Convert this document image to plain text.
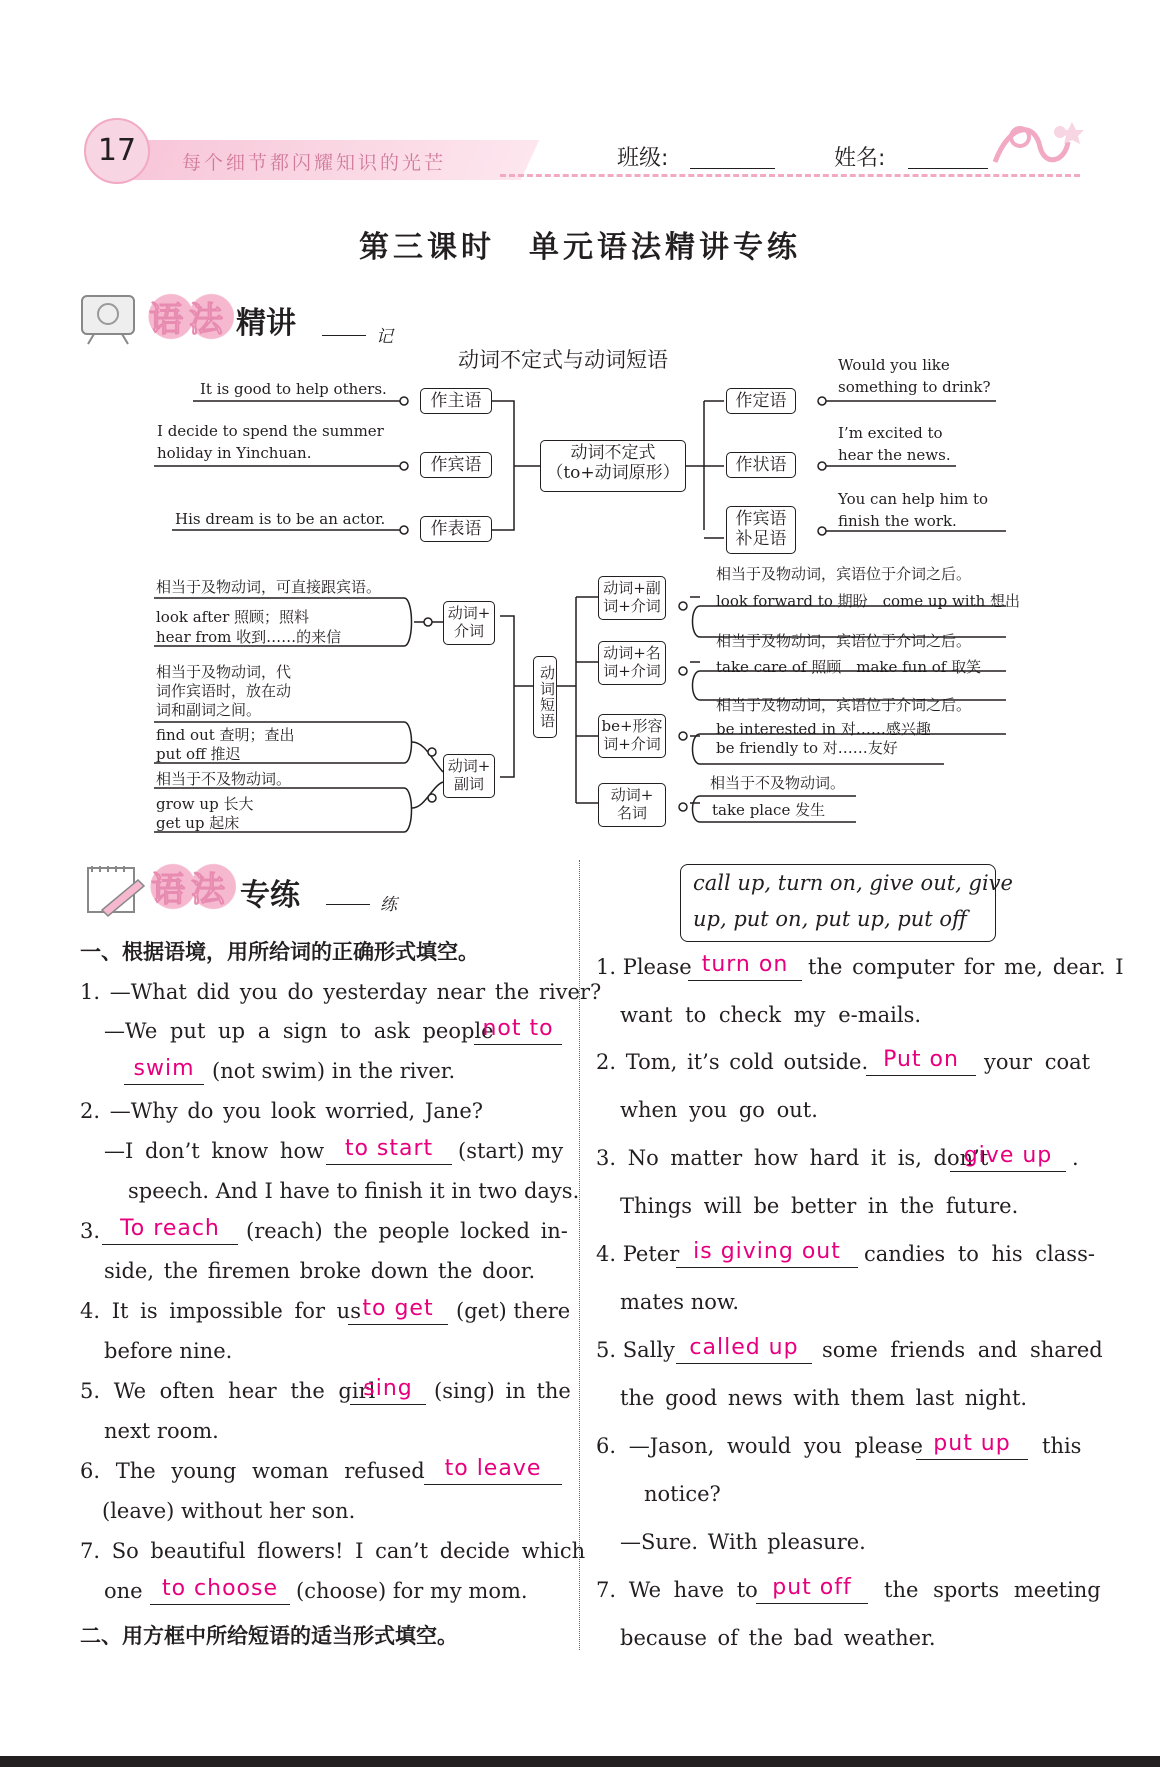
17	每个细节都闪耀知识的光芒	班级:	姓名:
第三课时　单元语法精讲专练
语法 精讲	记
动词不定式与动词短语
It is good to help others.
I decide to spend the summer
holiday in Yinchuan.
His dream is to be an actor.
作主语
作宾语
作表语
动词不定式
（to+动词原形）
作定语
作状语
作宾语
补足语
Would you like
something to drink?
I’m excited to
hear the news.
You can help him to
finish the work.
动词短语
相当于及物动词，可直接跟宾语。
look after 照顾；照料
hear from 收到……的来信
动词+
介词
相当于及物动词，代
词作宾语时，放在动
词和副词之间。
find out 查明；查出
put off 推迟
相当于不及物动词。
grow up 长大
get up 起床
动词+
副词
动词+副
词+介词
相当于及物动词，宾语位于介词之后。
look forward to 期盼　come up with 想出
动词+名
词+介词
相当于及物动词，宾语位于介词之后。
take care of 照顾　make fun of 取笑
be+形容
词+介词
相当于及物动词，宾语位于介词之后。
be interested in 对……感兴趣
be friendly to 对……友好
动词+
名词
相当于不及物动词。
take place 发生
语法 专练	练
一、根据语境，用所给词的正确形式填空。
1. —What did you do yesterday near the river?
—We put up a sign to ask people
not to
swim (not swim) in the river.
2. —Why do you look worried, Jane?
—I don’t know how to start	(start) my
speech. And I have to finish it in two days.
3. To reach	(reach) the people locked in-
side, the firemen broke down the door.
4. It is impossible for us to get	(get) there
before nine.
5. We often hear the girl
sing	(sing) in the
next room.
6. The young woman refused to leave
(leave) without her son.
7. So beautiful flowers! I can’t decide which
one to choose (choose) for my mom.
二、用方框中所给短语的适当形式填空。
call up, turn on, give out, give
up, put on, put up, put off
1. Please turn on the computer for me, dear. I
want to check my e-mails.
2. Tom, it’s cold outside. Put on	your coat
when you go out.
3. No matter how hard it is, don’t
give up .
Things will be better in the future.
4. Peter is giving out	candies to his class-
mates now.
5. Sally called up	some friends and shared
the good news with them last night.
6. —Jason, would you please put up	this
notice?
—Sure. With pleasure.
7. We have to put off	the sports meeting
because of the bad weather.
